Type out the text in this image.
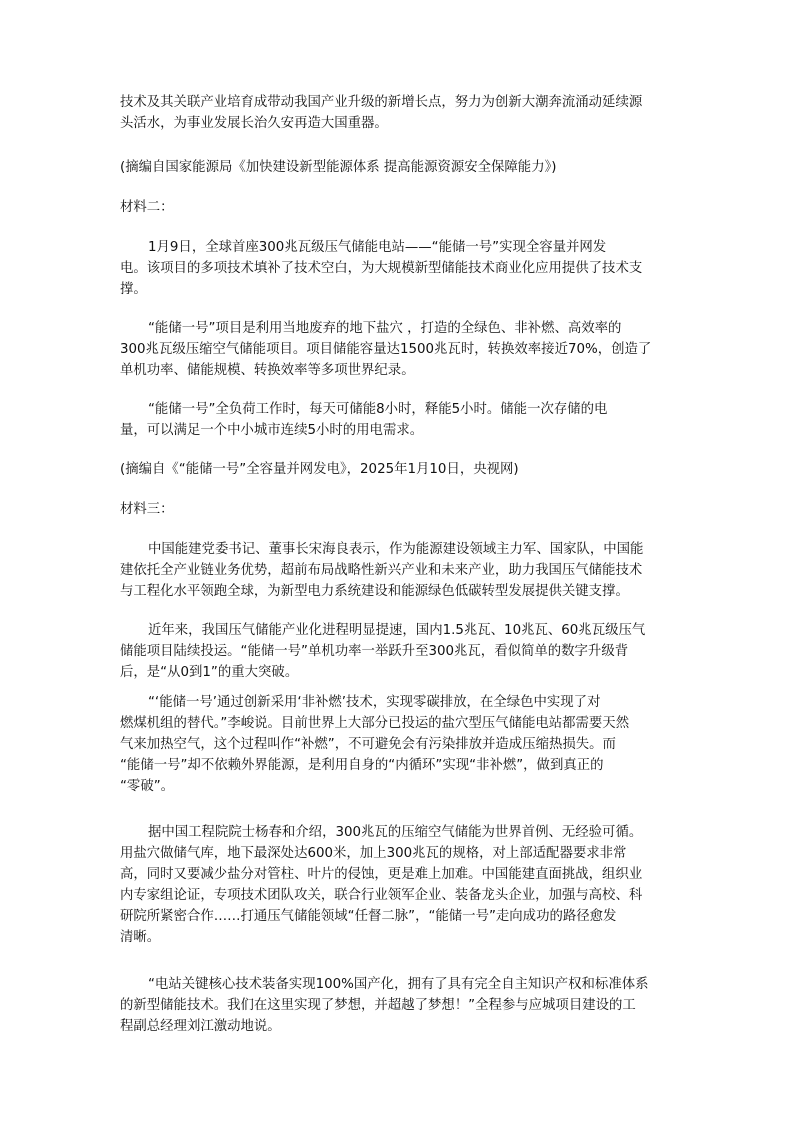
技术及其关联产业培育成带动我国产业升级的新增长点，努力为创新大潮奔流涌动延续源
头活水，为事业发展长治久安再造大国重器。

(摘编自国家能源局《加快建设新型能源体系 提高能源资源安全保障能力》)

材料二：

1月9日，全球首座300兆瓦级压气储能电站——“能储一号”实现全容量并网发
电。该项目的多项技术填补了技术空白，为大规模新型储能技术商业化应用提供了技术支
撑。

“能储一号”项目是利用当地废弃的地下盐穴 ，打造的全绿色、非补燃、高效率的
300兆瓦级压缩空气储能项目。项目储能容量达1500兆瓦时，转换效率接近70%，创造了
单机功率、储能规模、转换效率等多项世界纪录。

“能储一号”全负荷工作时，每天可储能8小时，释能5小时。储能一次存储的电
量，可以满足一个中小城市连续5小时的用电需求。

(摘编自《“能储一号”全容量并网发电》，2025年1月10日，央视网)

材料三：

中国能建党委书记、董事长宋海良表示，作为能源建设领域主力军、国家队，中国能
建依托全产业链业务优势，超前布局战略性新兴产业和未来产业，助力我国压气储能技术
与工程化水平领跑全球，为新型电力系统建设和能源绿色低碳转型发展提供关键支撑。

近年来，我国压气储能产业化进程明显提速，国内1.5兆瓦、10兆瓦、60兆瓦级压气
储能项目陆续投运。“能储一号”单机功率一举跃升至300兆瓦，看似简单的数字升级背
后，是“从0到1”的重大突破。

“‘能储一号’通过创新采用‘非补燃’技术，实现零碳排放，在全绿色中实现了对
燃煤机组的替代。”李峻说。目前世界上大部分已投运的盐穴型压气储能电站都需要天然
气来加热空气，这个过程叫作“补燃”，不可避免会有污染排放并造成压缩热损失。而
“能储一号”却不依赖外界能源，是利用自身的“内循环”实现“非补燃”，做到真正的
“零破”。

据中国工程院院士杨春和介绍，300兆瓦的压缩空气储能为世界首例、无经验可循。
用盐穴做储气库，地下最深处达600米，加上300兆瓦的规格，对上部适配器要求非常
高，同时又要减少盐分对管柱、叶片的侵蚀，更是难上加难。中国能建直面挑战，组织业
内专家组论证，专项技术团队攻关，联合行业领军企业、装备龙头企业，加强与高校、科
研院所紧密合作……打通压气储能领域“任督二脉”，“能储一号”走向成功的路径愈发
清晰。

“电站关键核心技术装备实现100%国产化，拥有了具有完全自主知识产权和标准体系
的新型储能技术。我们在这里实现了梦想，并超越了梦想！”全程参与应城项目建设的工
程副总经理刘江激动地说。
